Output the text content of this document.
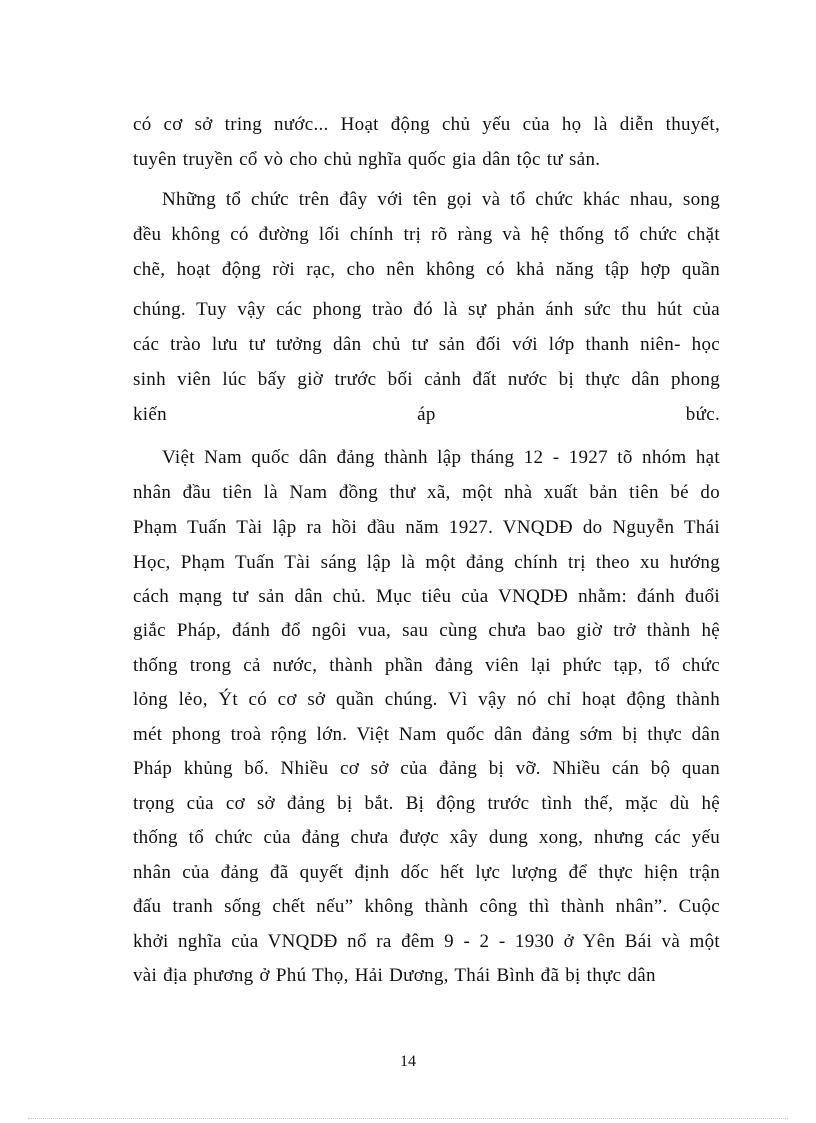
có cơ sở tring nước... Hoạt động chủ yếu của họ là diễn thuyết,
tuyên truyền cổ vò cho chủ nghĩa quốc gia dân tộc tư sản.
Những tổ chức trên đây với tên gọi và tổ chức khác nhau, song
đều không có đường lối chính trị rõ ràng và hệ thống tổ chức chặt
chẽ, hoạt động rời rạc, cho nên không có khả năng tập hợp quần
chúng. Tuy vậy các phong trào đó là sự phản ánh sức thu hút của
các trào lưu tư tưởng dân chủ tư sản đối với lớp thanh niên- học
sinh viên lúc bấy giờ trước bối cảnh đất nước bị thực dân phong
kiến áp bức.
Việt Nam quốc dân đảng thành lập tháng 12 - 1927 tõ nhóm hạt
nhân đầu tiên là Nam đồng thư xã, một nhà xuất bản tiên bé do
Phạm Tuấn Tài lập ra hồi đầu năm 1927. VNQDĐ do Nguyễn Thái
Học, Phạm Tuấn Tài sáng lập là một đảng chính trị theo xu hướng
cách mạng tư sản dân chủ. Mục tiêu của VNQDĐ nhằm: đánh đuổi
giắc Pháp, đánh đổ ngôi vua, sau cùng chưa bao giờ trở thành hệ
thống trong cả nước, thành phần đảng viên lại phức tạp, tổ chức
lỏng lẻo, Ýt có cơ sở quần chúng. Vì vậy nó chỉ hoạt động thành
mét phong troà rộng lớn. Việt Nam quốc dân đảng sớm bị thực dân
Pháp khủng bố. Nhiều cơ sở của đảng bị vỡ. Nhiều cán bộ quan
trọng của cơ sở đảng bị bắt. Bị động trước tình thế, mặc dù hệ
thống tổ chức của đảng chưa được xây dung xong, nhưng các yếu
nhân của đảng đã quyết định dốc hết lực lượng để thực hiện trận
đấu tranh sống chết nếu” không thành công thì thành nhân”. Cuộc
khởi nghĩa của VNQDĐ nổ ra đêm 9 - 2 - 1930 ở Yên Bái và một
vài địa phương ở Phú Thọ, Hải Dương, Thái Bình đã bị thực dân
14
